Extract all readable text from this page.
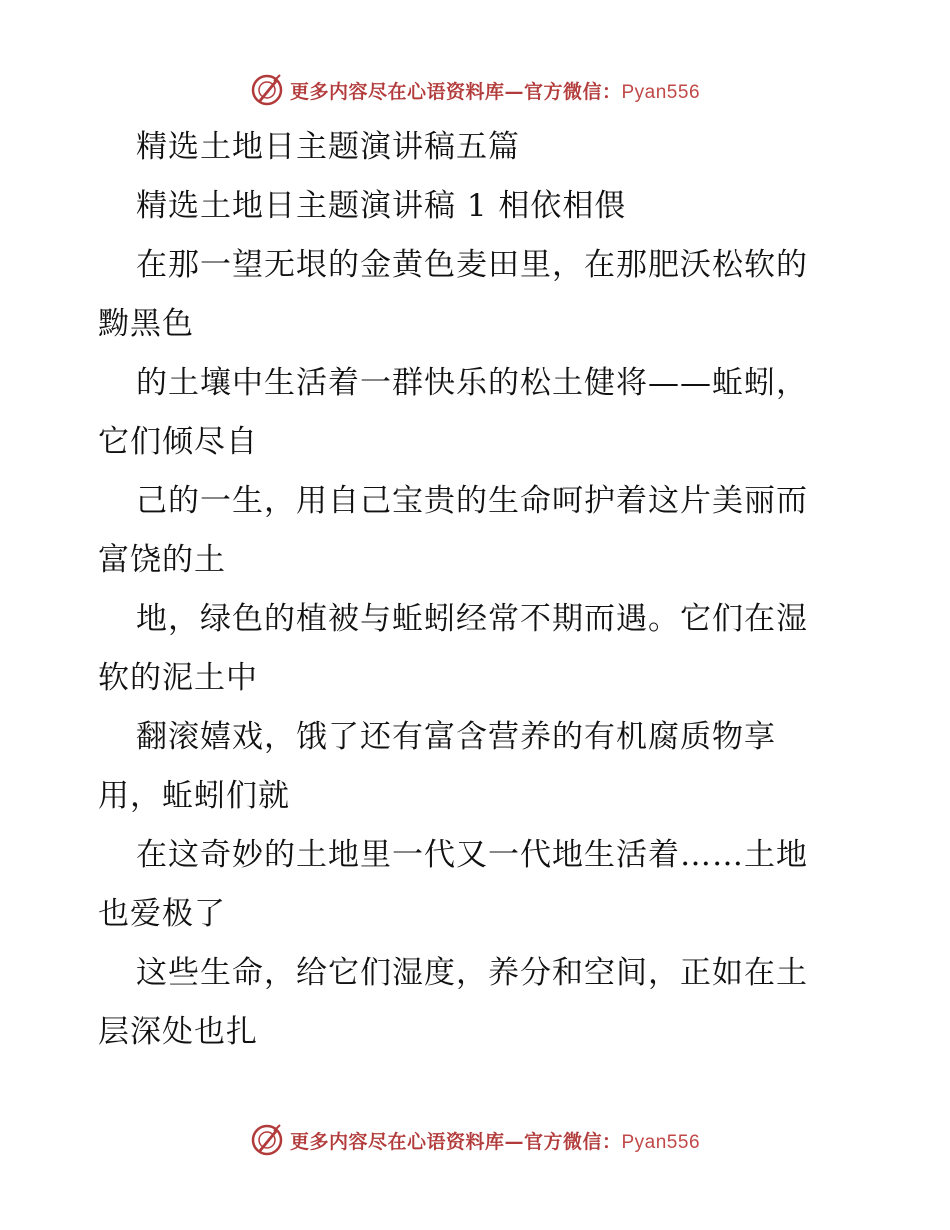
更多内容尽在心语资料库—官方微信：Pyan556
精选土地日主题演讲稿五篇
精选土地日主题演讲稿 1 相依相偎
在那一望无垠的金黄色麦田里，在那肥沃松软的
黝黑色
的土壤中生活着一群快乐的松土健将——蚯蚓，
它们倾尽自
己的一生，用自己宝贵的生命呵护着这片美丽而
富饶的土
地，绿色的植被与蚯蚓经常不期而遇。它们在湿
软的泥土中
翻滚嬉戏，饿了还有富含营养的有机腐质物享
用，蚯蚓们就
在这奇妙的土地里一代又一代地生活着……土地
也爱极了
这些生命，给它们湿度，养分和空间，正如在土
层深处也扎
更多内容尽在心语资料库—官方微信：Pyan556
